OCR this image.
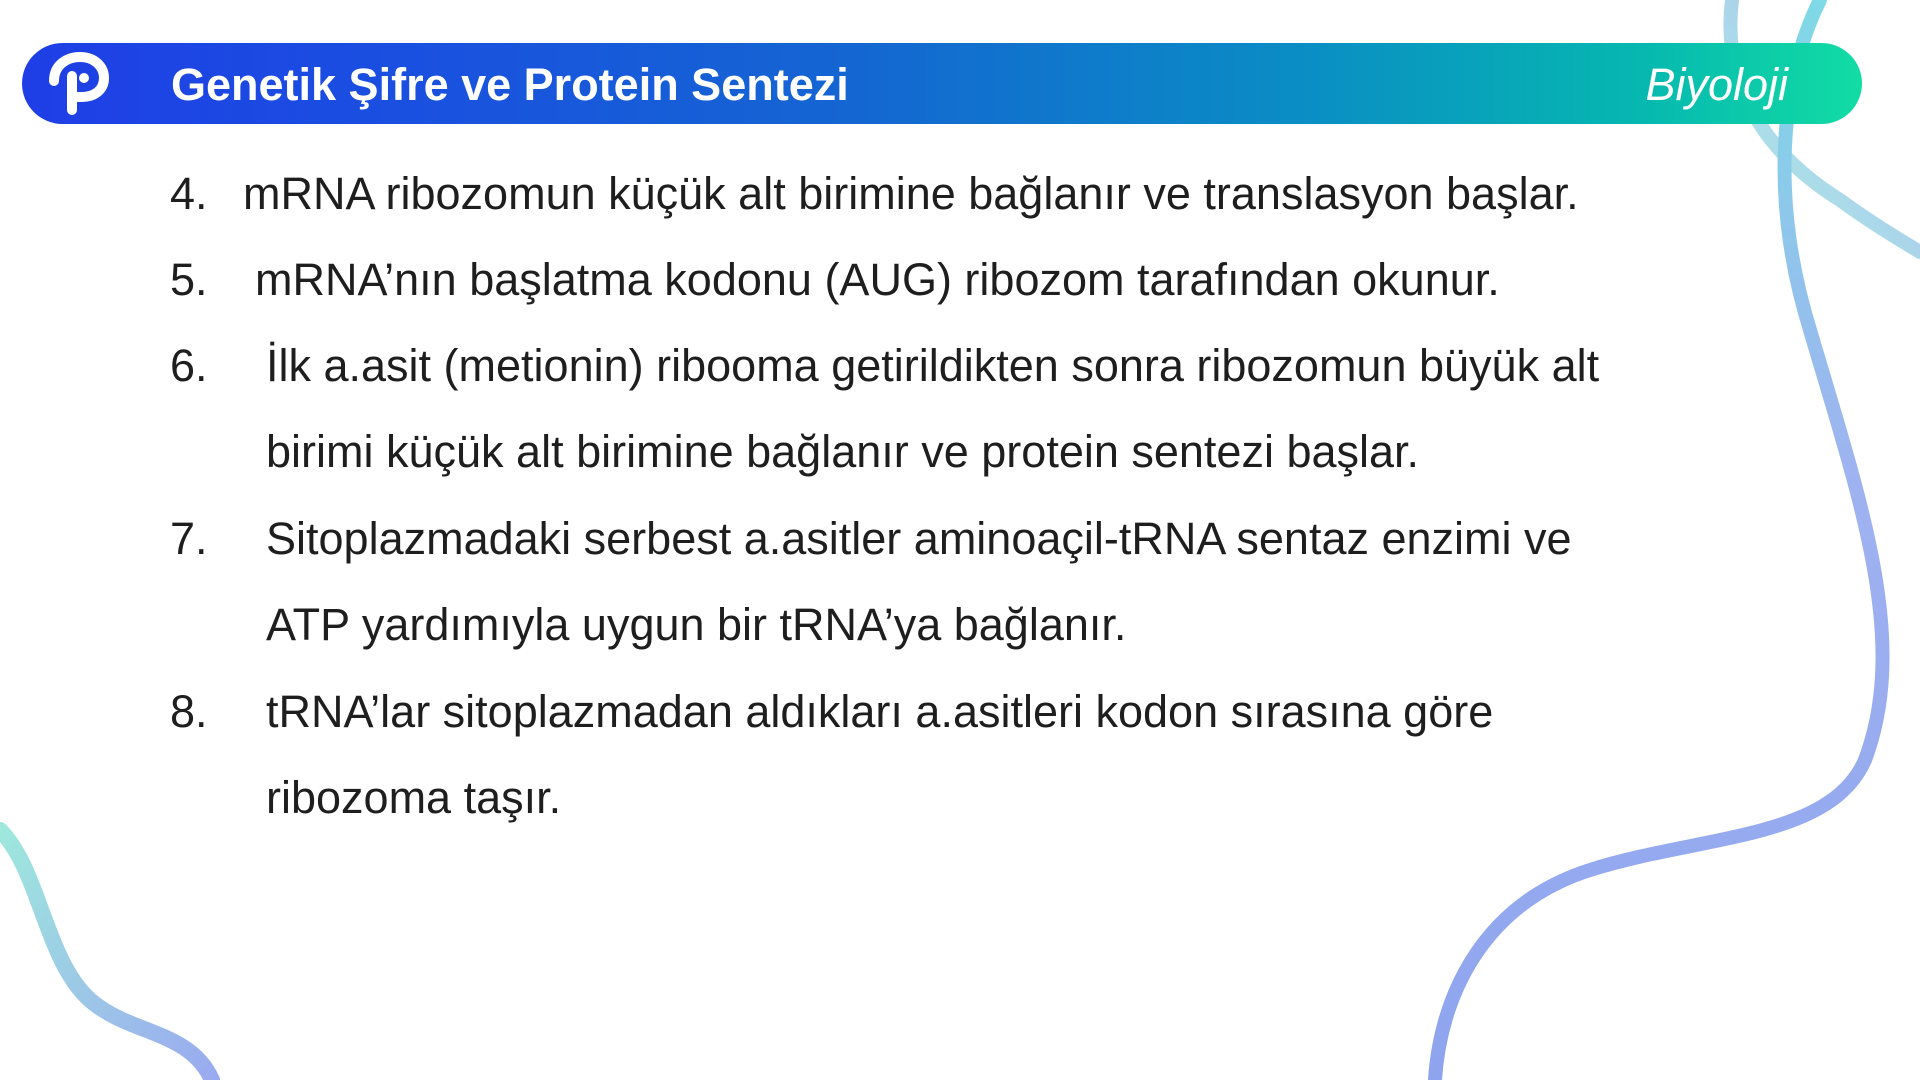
Genetik Şifre ve Protein Sentezi	Biyoloji
4. mRNA ribozomun küçük alt birimine bağlanır ve translasyon başlar.
5. mRNA’nın başlatma kodonu (AUG) ribozom tarafından okunur.
6. İlk a.asit (metionin) ribooma getirildikten sonra ribozomun büyük alt
birimi küçük alt birimine bağlanır ve protein sentezi başlar.
7. Sitoplazmadaki serbest a.asitler aminoaçil-tRNA sentaz enzimi ve
ATP yardımıyla uygun bir tRNA’ya bağlanır.
8. tRNA’lar sitoplazmadan aldıkları a.asitleri kodon sırasına göre
ribozoma taşır.
